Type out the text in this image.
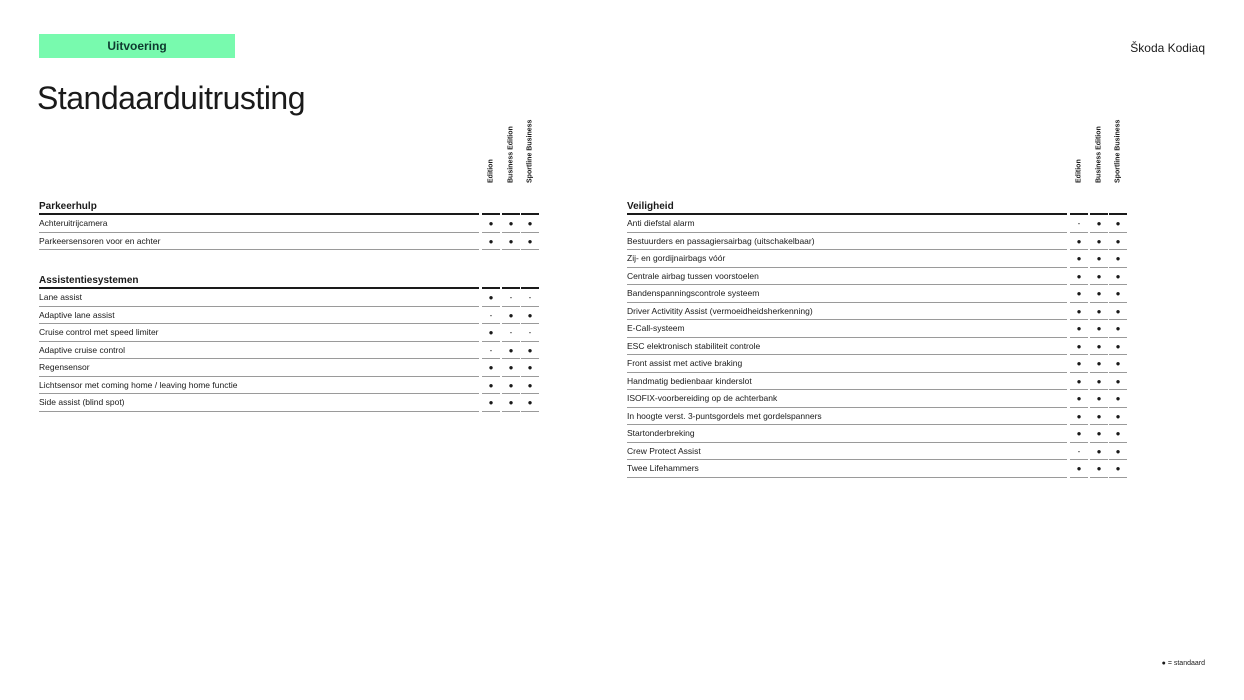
Uitvoering	Škoda Kodiaq
Standaarduitrusting
Edition Business Edition Sportline Business
Parkeerhulp
Achteruitrijcamera	●	●	●
Parkeersensoren voor en achter	●	●	●
Assistentiesystemen
Lane assist	●	-	-
Adaptive lane assist	-	●	●
Cruise control met speed limiter	●	-	-
Adaptive cruise control	-	●	●
Regensensor	●	●	●
Lichtsensor met coming home / leaving home functie	●	●	●
Side assist (blind spot)	●	●	●
Edition Business Edition Sportline Business
Veiligheid
Anti diefstal alarm	-	●	●
Bestuurders en passagiersairbag (uitschakelbaar)	●	●	●
Zij- en gordijnairbags vóór	●	●	●
Centrale airbag tussen voorstoelen	●	●	●
Bandenspanningscontrole systeem	●	●	●
Driver Activitity Assist (vermoeidheidsherkenning)	●	●	●
E-Call-systeem	●	●	●
ESC elektronisch stabiliteit controle	●	●	●
Front assist met active braking	●	●	●
Handmatig bedienbaar kinderslot	●	●	●
ISOFIX-voorbereiding op de achterbank	●	●	●
In hoogte verst. 3-puntsgordels met gordelspanners	●	●	●
Startonderbreking	●	●	●
Crew Protect Assist	-	●	●
Twee Lifehammers	●	●	●
● = standaard
